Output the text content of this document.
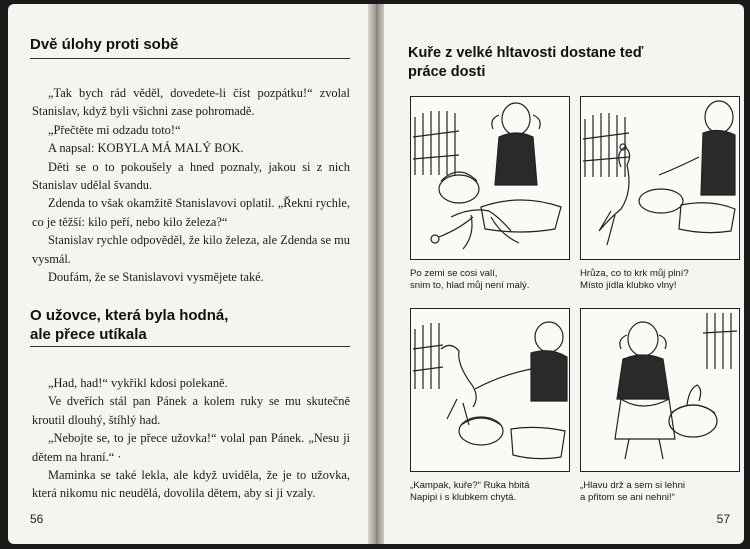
Dvě úlohy proti sobě

„Tak bych rád věděl, dovedete-li číst pozpátku!“ zvolal Stanislav, když byli všichni zase pohromadě.

„Přečtěte mi odzadu toto!“

A napsal: KOBYLA MÁ MALÝ BOK.

Děti se o to pokoušely a hned poznaly, jakou si z nich Stanislav udělal švandu.

Zdenda to však okamžitě Stanislavovi oplatil. „Řekni rychle, co je těžší: kilo peří, nebo kilo železa?“

Stanislav rychle odpověděl, že kilo železa, ale Zdenda se mu vysmál.

Doufám, že se Stanislavovi vysmějete také.

O užovce, která byla hodná,
ale přece utíkala

„Had, had!“ vykřikl kdosi polekaně.

Ve dveřích stál pan Pánek a kolem ruky se mu skutečně kroutil dlouhý, štíhlý had.

„Nebojte se, to je přece užovka!“ volal pan Pánek. „Nesu ji dětem na hraní.“ ·

Maminka se také lekla, ale když uviděla, že je to užovka, která nikomu nic neudělá, dovolila dětem, aby si ji vzaly.

56
Kuře z velké hltavosti dostane teď
práce dosti
Po zemi se cosi valí,
snim to, hlad můj není malý.
Hrůza, co to krk můj plní?
Místo jídla klubko vlny!
„Kampak, kuře?“ Ruka hbitá
Napipi i s klubkem chytá.
„Hlavu drž a sem si lehni
a přitom se ani nehni!“
57
